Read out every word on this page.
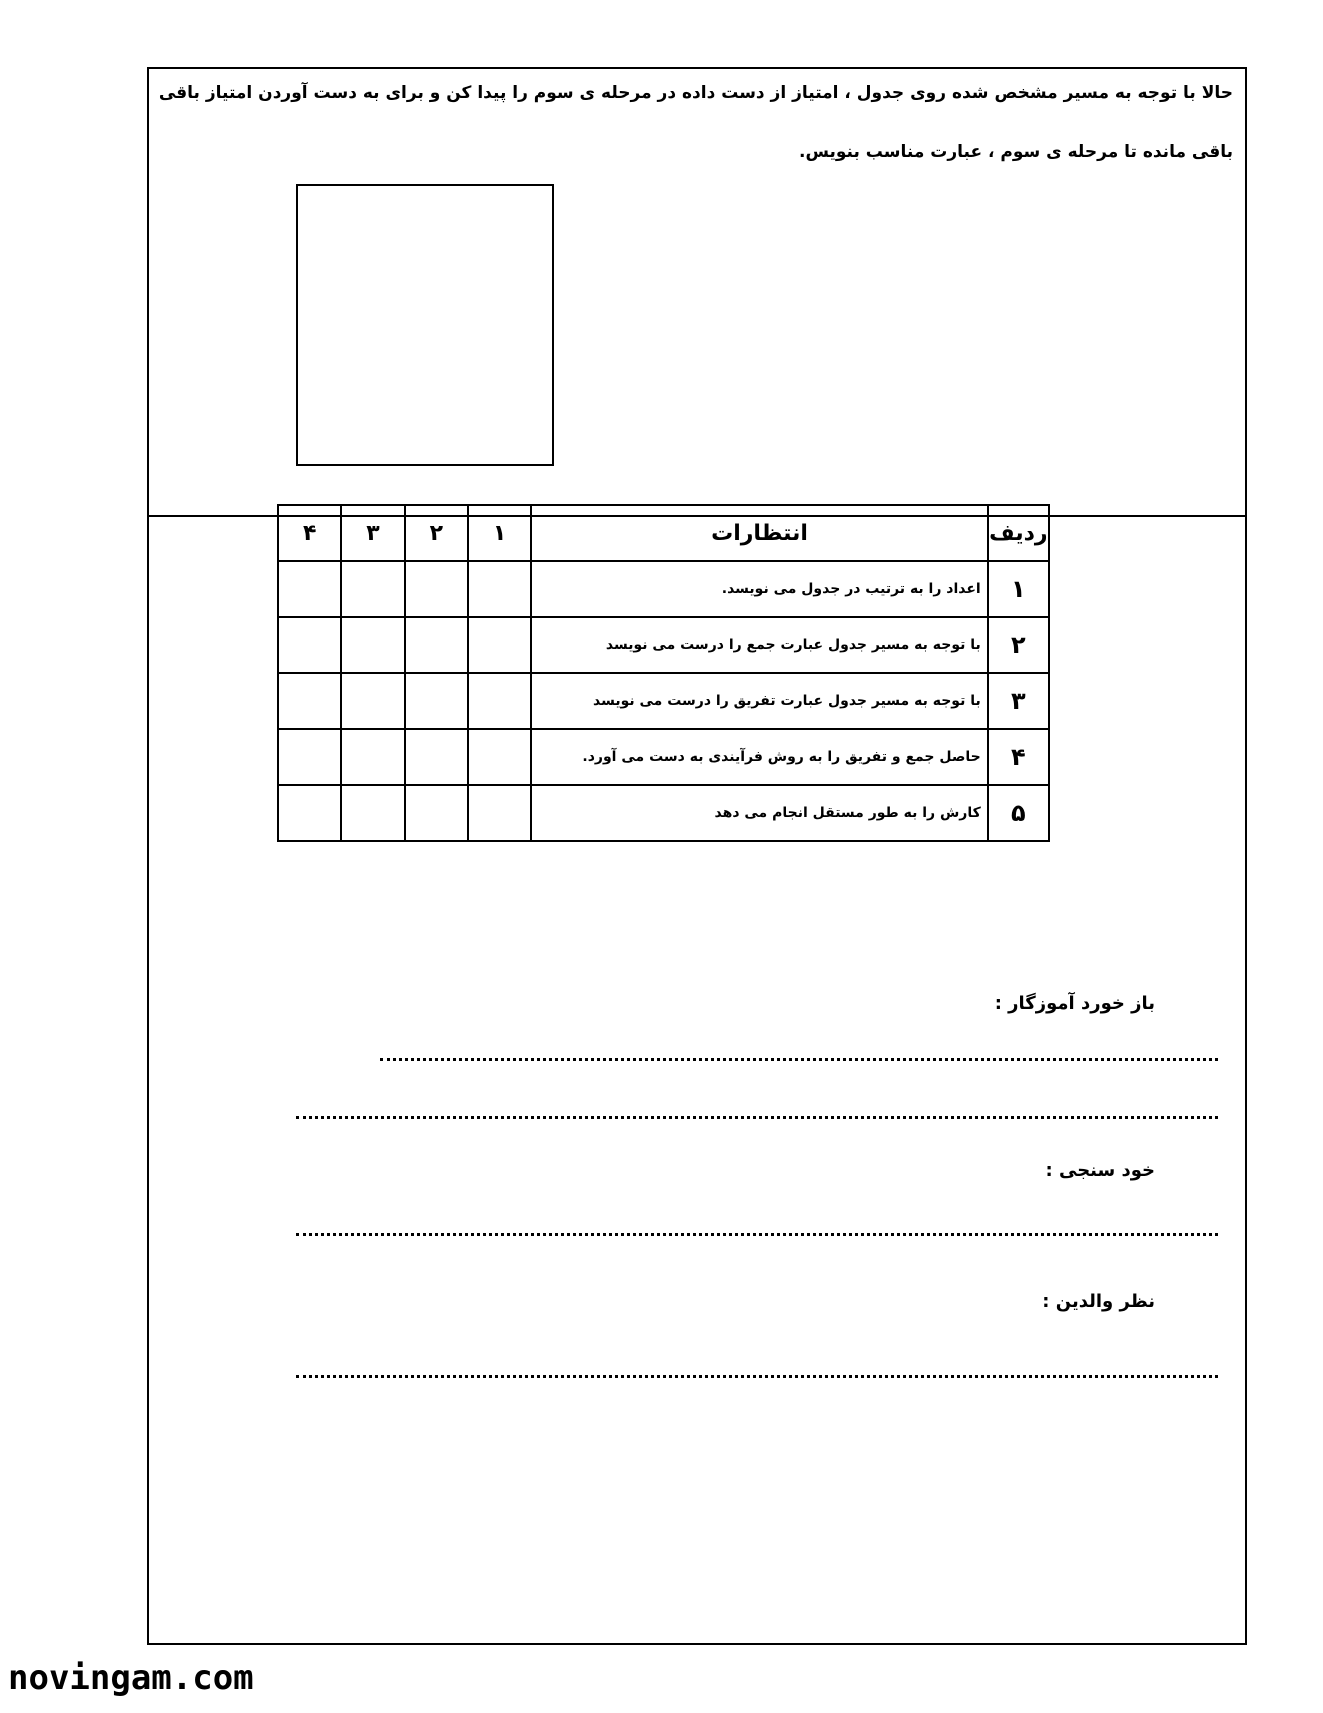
حالا با توجه به مسیر مشخص شده روی جدول ، امتیاز از دست داده در مرحله ی سوم را پیدا کن و برای به دست آوردن امتیاز باقی
باقی مانده تا مرحله ی سوم ، عبارت مناسب بنویس.
ردیف	انتظارات	۱	۲	۳	۴
۱	اعداد را به ترتیب در جدول می نویسد.				
۲	با توجه به مسیر جدول عبارت جمع را درست می نویسد				
۳	با توجه به مسیر جدول عبارت تفریق را درست می نویسد				
۴	حاصل جمع و تفریق را به روش فرآیندی به دست می آورد.				
۵	کارش را به طور مستقل انجام می دهد				
باز خورد آموزگار :
خود سنجی :
نظر والدین :
novingam.com
